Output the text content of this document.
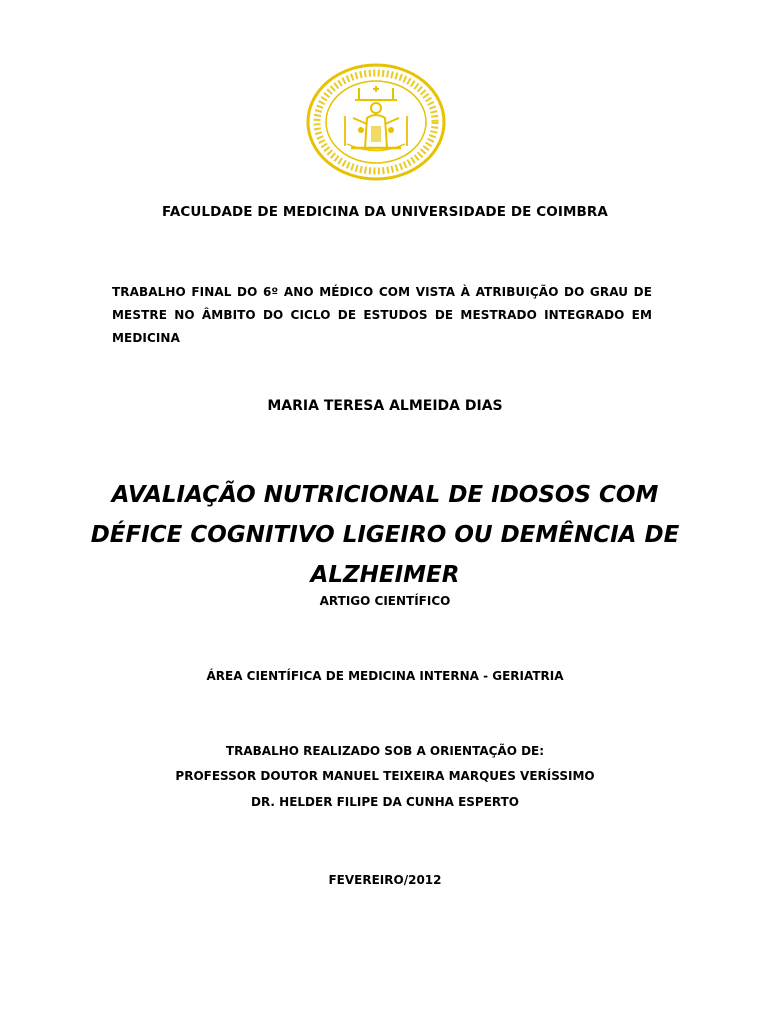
FACULDADE DE MEDICINA DA UNIVERSIDADE DE COIMBRA
TRABALHO FINAL DO 6º ANO MÉDICO COM VISTA À ATRIBUIÇÃO DO GRAU DE MESTRE NO ÂMBITO DO CICLO DE ESTUDOS DE MESTRADO INTEGRADO EM MEDICINA
MARIA TERESA ALMEIDA DIAS
AVALIAÇÃO NUTRICIONAL DE IDOSOS COM
DÉFICE COGNITIVO LIGEIRO OU DEMÊNCIA DE
ALZHEIMER
ARTIGO CIENTÍFICO
ÁREA CIENTÍFICA DE MEDICINA INTERNA - GERIATRIA
TRABALHO REALIZADO SOB A ORIENTAÇÃO DE:
PROFESSOR DOUTOR MANUEL TEIXEIRA MARQUES VERÍSSIMO
DR. HELDER FILIPE DA CUNHA ESPERTO
FEVEREIRO/2012
